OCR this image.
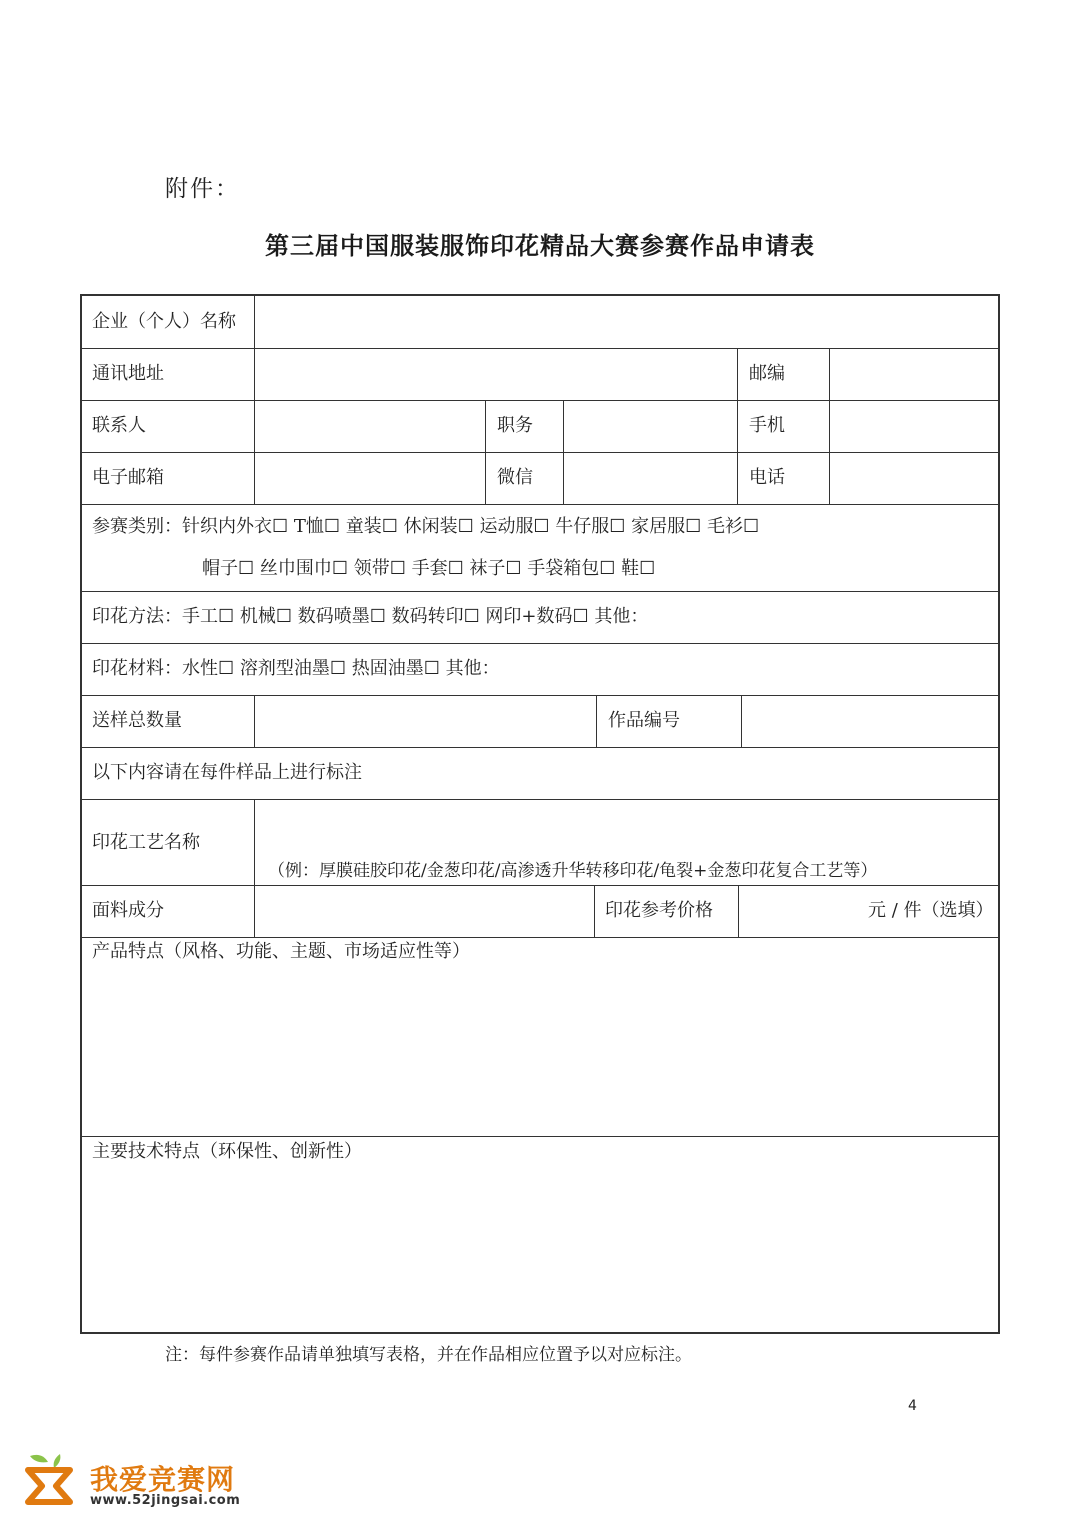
附件：
第三届中国服装服饰印花精品大赛参赛作品申请表
企业（个人）名称
通讯地址	邮编
联系人	职务	手机
电子邮箱	微信	电话
参赛类别：针织内外衣☐ T恤☐ 童装☐ 休闲装☐ 运动服☐ 牛仔服☐ 家居服☐ 毛衫☐
帽子☐ 丝巾围巾☐ 领带☐ 手套☐ 袜子☐ 手袋箱包☐ 鞋☐
印花方法：手工☐ 机械☐ 数码喷墨☐ 数码转印☐ 网印+数码☐ 其他：
印花材料：水性☐ 溶剂型油墨☐ 热固油墨☐ 其他：
送样总数量	作品编号
以下内容请在每件样品上进行标注
印花工艺名称
（例：厚膜硅胶印花/金葱印花/高渗透升华转移印花/龟裂+金葱印花复合工艺等）
面料成分	印花参考价格	元 / 件（选填）
产品特点（风格、功能、主题、市场适应性等）
主要技术特点（环保性、创新性）
注：每件参赛作品请单独填写表格，并在作品相应位置予以对应标注。
4
我爱竞赛网
www.52jingsai.com
